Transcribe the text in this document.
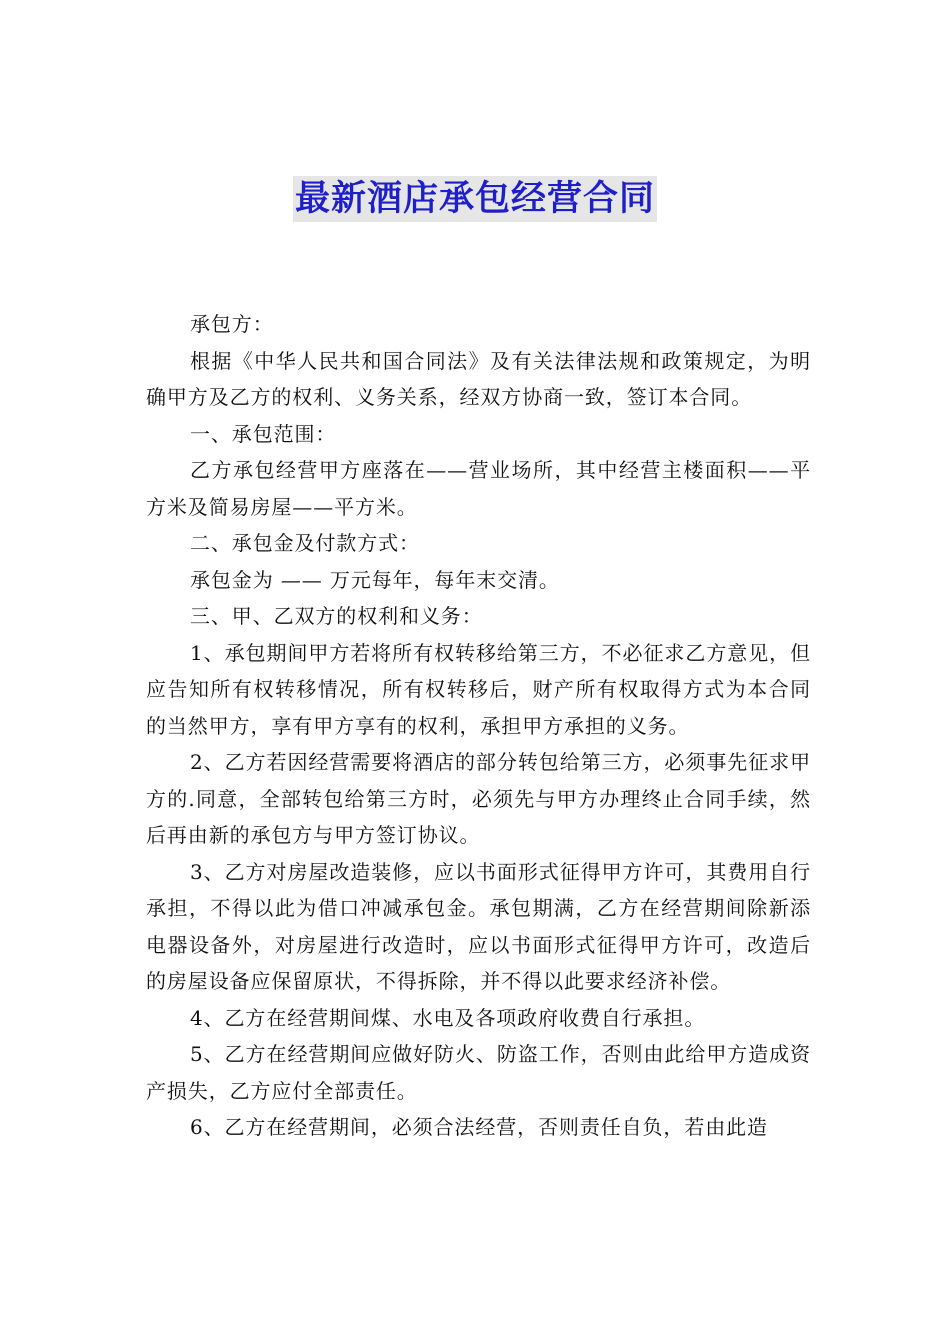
最新酒店承包经营合同

承包方：

根据《中华人民共和国合同法》及有关法律法规和政策规定，为明确甲方及乙方的权利、义务关系，经双方协商一致，签订本合同。

一、承包范围：

乙方承包经营甲方座落在——营业场所，其中经营主楼面积——平方米及简易房屋——平方米。

二、承包金及付款方式：

承包金为 —— 万元每年，每年末交清。

三、甲、乙双方的权利和义务：

1、承包期间甲方若将所有权转移给第三方，不必征求乙方意见，但应告知所有权转移情况，所有权转移后，财产所有权取得方式为本合同的当然甲方，享有甲方享有的权利，承担甲方承担的义务。

2、乙方若因经营需要将酒店的部分转包给第三方，必须事先征求甲方的.同意，全部转包给第三方时，必须先与甲方办理终止合同手续，然后再由新的承包方与甲方签订协议。

3、乙方对房屋改造装修，应以书面形式征得甲方许可，其费用自行承担，不得以此为借口冲减承包金。承包期满，乙方在经营期间除新添电器设备外，对房屋进行改造时，应以书面形式征得甲方许可，改造后的房屋设备应保留原状，不得拆除，并不得以此要求经济补偿。

4、乙方在经营期间煤、水电及各项政府收费自行承担。

5、乙方在经营期间应做好防火、防盗工作，否则由此给甲方造成资产损失，乙方应付全部责任。

6、乙方在经营期间，必须合法经营，否则责任自负，若由此造
